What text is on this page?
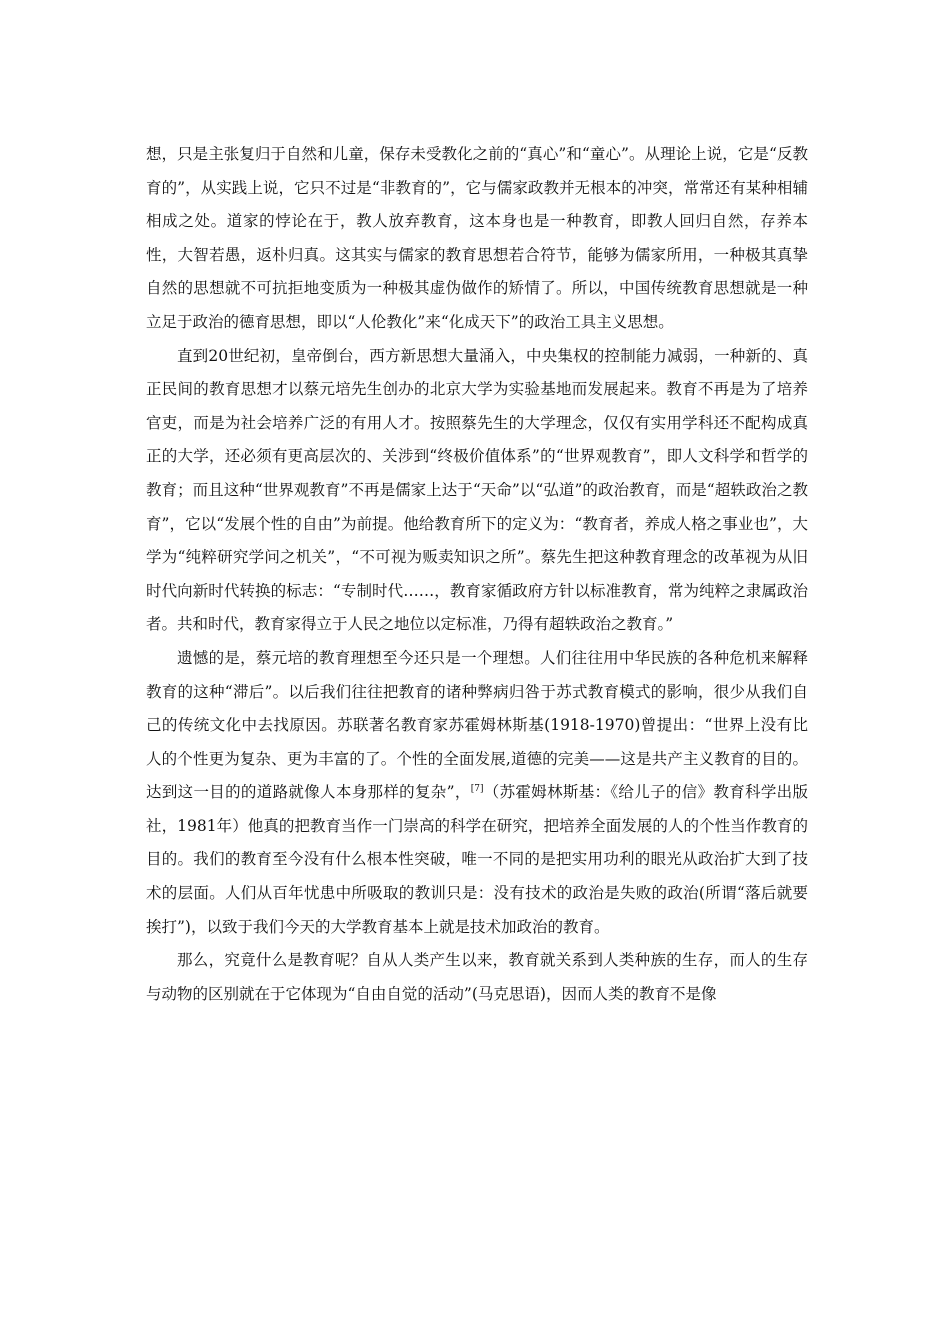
想，只是主张复归于自然和儿童，保存未受教化之前的“真心”和“童心”。从理论上说，它是“反教育的”，从实践上说，它只不过是“非教育的”，它与儒家政教并无根本的冲突，常常还有某种相辅相成之处。道家的悖论在于，教人放弃教育，这本身也是一种教育，即教人回归自然，存养本性，大智若愚，返朴归真。这其实与儒家的教育思想若合符节，能够为儒家所用，一种极其真挚自然的思想就不可抗拒地变质为一种极其虚伪做作的矫情了。所以，中国传统教育思想就是一种立足于政治的德育思想，即以“人伦教化”来“化成天下”的政治工具主义思想。

直到20世纪初，皇帝倒台，西方新思想大量涌入，中央集权的控制能力减弱，一种新的、真正民间的教育思想才以蔡元培先生创办的北京大学为实验基地而发展起来。教育不再是为了培养官吏，而是为社会培养广泛的有用人才。按照蔡先生的大学理念，仅仅有实用学科还不配构成真正的大学，还必须有更高层次的、关涉到“终极价值体系”的“世界观教育”，即人文科学和哲学的教育；而且这种“世界观教育”不再是儒家上达于“天命”以“弘道”的政治教育，而是“超轶政治之教育”，它以“发展个性的自由”为前提。他给教育所下的定义为：“教育者，养成人格之事业也”，大学为“纯粹研究学问之机关”，“不可视为贩卖知识之所”。蔡先生把这种教育理念的改革视为从旧时代向新时代转换的标志：“专制时代……，教育家循政府方针以标准教育，常为纯粹之隶属政治者。共和时代，教育家得立于人民之地位以定标准，乃得有超轶政治之教育。”

遗憾的是，蔡元培的教育理想至今还只是一个理想。人们往往用中华民族的各种危机来解释教育的这种“滞后”。以后我们往往把教育的诸种弊病归咎于苏式教育模式的影响，很少从我们自己的传统文化中去找原因。苏联著名教育家苏霍姆林斯基(1918-1970)曾提出：“世界上没有比人的个性更为复杂、更为丰富的了。个性的全面发展,道德的完美——这是共产主义教育的目的。达到这一目的的道路就像人本身那样的复杂”，[7]（苏霍姆林斯基：《给儿子的信》教育科学出版社，1981年）他真的把教育当作一门崇高的科学在研究，把培养全面发展的人的个性当作教育的目的。我们的教育至今没有什么根本性突破，唯一不同的是把实用功利的眼光从政治扩大到了技术的层面。人们从百年忧患中所吸取的教训只是：没有技术的政治是失败的政治(所谓“落后就要挨打”)，以致于我们今天的大学教育基本上就是技术加政治的教育。

那么，究竟什么是教育呢？自从人类产生以来，教育就关系到人类种族的生存，而人的生存与动物的区别就在于它体现为“自由自觉的活动”(马克思语)，因而人类的教育不是像
